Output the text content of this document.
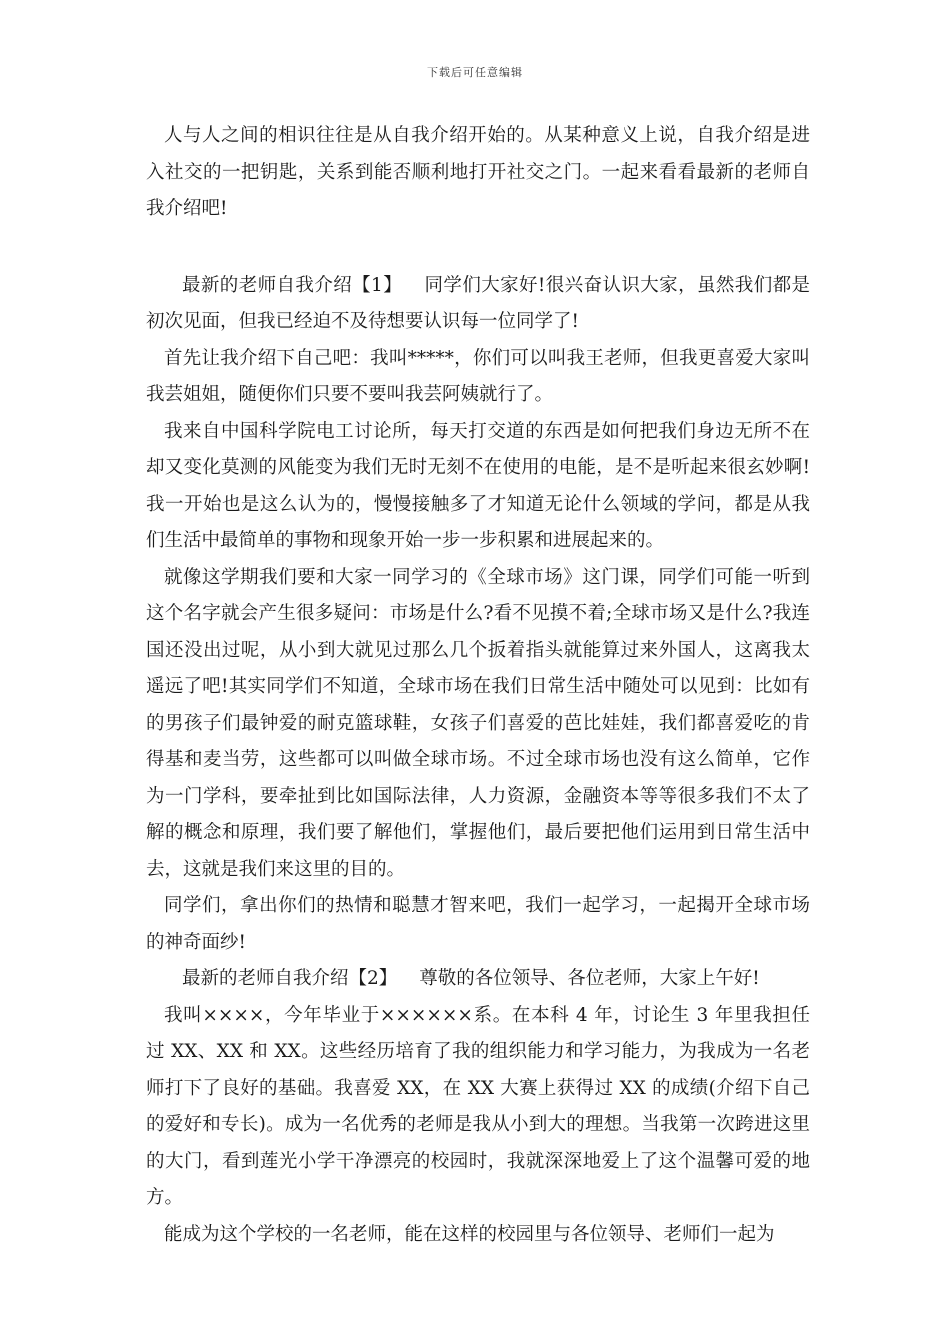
下载后可任意编辑

人与人之间的相识往往是从自我介绍开始的。从某种意义上说，自我介绍是进入社交的一把钥匙，关系到能否顺利地打开社交之门。一起来看看最新的老师自我介绍吧!

最新的老师自我介绍【1】 同学们大家好!很兴奋认识大家，虽然我们都是初次见面，但我已经迫不及待想要认识每一位同学了!

首先让我介绍下自己吧：我叫*****，你们可以叫我王老师，但我更喜爱大家叫我芸姐姐，随便你们只要不要叫我芸阿姨就行了。

我来自中国科学院电工讨论所，每天打交道的东西是如何把我们身边无所不在却又变化莫测的风能变为我们无时无刻不在使用的电能，是不是听起来很玄妙啊!我一开始也是这么认为的，慢慢接触多了才知道无论什么领域的学问，都是从我们生活中最简单的事物和现象开始一步一步积累和进展起来的。

就像这学期我们要和大家一同学习的《全球市场》这门课，同学们可能一听到这个名字就会产生很多疑问：市场是什么?看不见摸不着;全球市场又是什么?我连国还没出过呢，从小到大就见过那么几个扳着指头就能算过来外国人，这离我太遥远了吧!其实同学们不知道，全球市场在我们日常生活中随处可以见到：比如有的男孩子们最钟爱的耐克篮球鞋，女孩子们喜爱的芭比娃娃，我们都喜爱吃的肯得基和麦当劳，这些都可以叫做全球市场。不过全球市场也没有这么简单，它作为一门学科，要牵扯到比如国际法律，人力资源，金融资本等等很多我们不太了解的概念和原理，我们要了解他们，掌握他们，最后要把他们运用到日常生活中去，这就是我们来这里的目的。

同学们，拿出你们的热情和聪慧才智来吧，我们一起学习，一起揭开全球市场的神奇面纱!

最新的老师自我介绍【2】 尊敬的各位领导、各位老师，大家上午好!

我叫××××，今年毕业于××××××系。在本科 4 年，讨论生 3 年里我担任过 XX、XX 和 XX。这些经历培育了我的组织能力和学习能力，为我成为一名老师打下了良好的基础。我喜爱 XX，在 XX 大赛上获得过 XX 的成绩(介绍下自己的爱好和专长)。成为一名优秀的老师是我从小到大的理想。当我第一次跨进这里的大门，看到莲光小学干净漂亮的校园时，我就深深地爱上了这个温馨可爱的地方。

能成为这个学校的一名老师，能在这样的校园里与各位领导、老师们一起为
